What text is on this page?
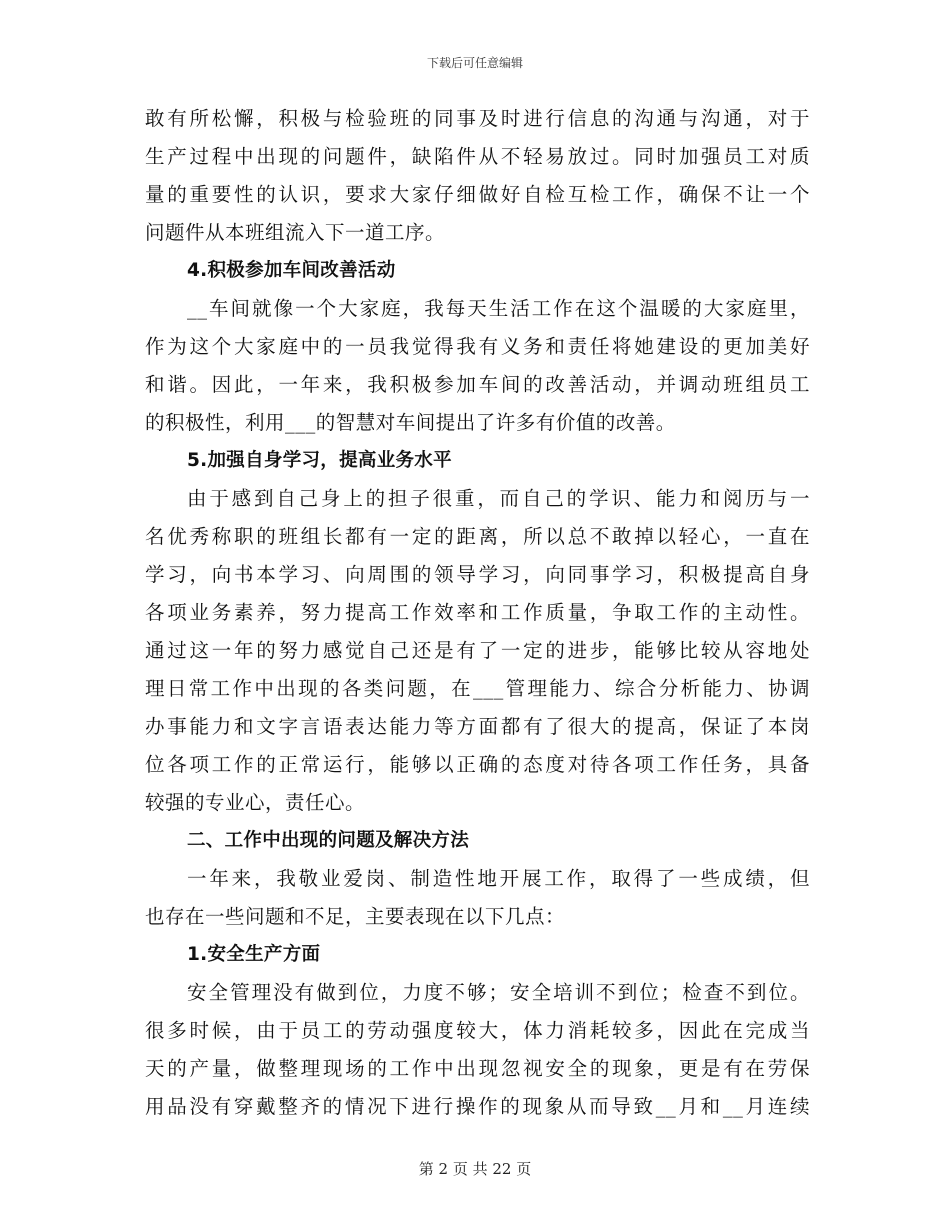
下载后可任意编辑
敢有所松懈，积极与检验班的同事及时进行信息的沟通与沟通，对于
生产过程中出现的问题件，缺陷件从不轻易放过。同时加强员工对质
量的重要性的认识，要求大家仔细做好自检互检工作，确保不让一个
问题件从本班组流入下一道工序。
4.积极参加车间改善活动
__车间就像一个大家庭，我每天生活工作在这个温暖的大家庭里，
作为这个大家庭中的一员我觉得我有义务和责任将她建设的更加美好
和谐。因此，一年来，我积极参加车间的改善活动，并调动班组员工
的积极性，利用___的智慧对车间提出了许多有价值的改善。
5.加强自身学习，提高业务水平
由于感到自己身上的担子很重，而自己的学识、能力和阅历与一
名优秀称职的班组长都有一定的距离，所以总不敢掉以轻心，一直在
学习，向书本学习、向周围的领导学习，向同事学习，积极提高自身
各项业务素养，努力提高工作效率和工作质量，争取工作的主动性。
通过这一年的努力感觉自己还是有了一定的进步，能够比较从容地处
理日常工作中出现的各类问题，在___管理能力、综合分析能力、协调
办事能力和文字言语表达能力等方面都有了很大的提高，保证了本岗
位各项工作的正常运行，能够以正确的态度对待各项工作任务，具备
较强的专业心，责任心。
二、工作中出现的问题及解决方法
一年来，我敬业爱岗、制造性地开展工作，取得了一些成绩，但
也存在一些问题和不足，主要表现在以下几点：
1.安全生产方面
安全管理没有做到位，力度不够；安全培训不到位；检查不到位。
很多时候，由于员工的劳动强度较大，体力消耗较多，因此在完成当
天的产量，做整理现场的工作中出现忽视安全的现象，更是有在劳保
用品没有穿戴整齐的情况下进行操作的现象从而导致__月和__月连续
第 2 页 共 22 页
